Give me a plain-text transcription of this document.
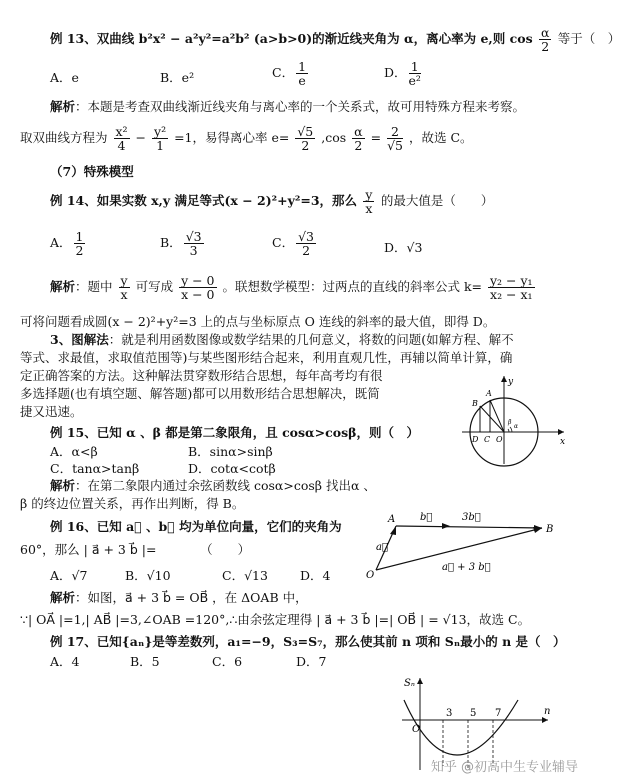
例 13、双曲线 b²x² − a²y²=a²b² (a>b>0)的渐近线夹角为 α，离心率为 e,则 $\cos \frac{\alpha}{2}$ 等于（　）
A．e	B．e²	C． $\frac{1}{e}$	D． $\frac{1}{\text{e²}}$
解析：本题是考查双曲线渐近线夹角与离心率的一个关系式，故可用特殊方程来考察。
取双曲线方程为 $\frac{\text{x²}}{4} - \frac{\text{y²}}{1} =1$，易得离心率 $e= \frac{√5}{2} ,\cos \frac{\alpha}{2} = \frac{2}{√5}$ ，故选 C。
（7）特殊模型
例 14、如果实数 x,y 满足等式(x − 2)²+y²=3，那么 $\frac{y}{x}$ 的最大值是（　　）
A． $\frac{1}{2}$	B． $\frac{√3}{3}$	C． $\frac{√3}{2}$	D．√3
解析：题中 $\frac{y}{x}$ 可写成 $\frac{y - 0}{x - 0}$ 。联想数学模型：过两点的直线的斜率公式 $k= \frac{\text{y₂ − y₁}}{\text{x₂ − x₁}}$
可将问题看成圆(x − 2)²+y²=3 上的点与坐标原点 O 连线的斜率的最大值，即得 D。
3、图解法：就是利用函数图像或数学结果的几何意义，将数的问题(如解方程、解不
等式、求最值，求取值范围等)与某些图形结合起来，利用直观几性，再辅以简单计算，确
定正确答案的方法。这种解法贯穿数形结合思想，每年高考均有很
多选择题(也有填空题、解答题)都可以用数形结合思想解决，既简
捷又迅速。
y
x
A
B
D C O
α
β
例 15、已知 α 、β 都是第二象限角，且 cosα>cosβ，则（　）
A．α<β	B．sinα>sinβ
C．tanα>tanβ	D．cotα<cotβ
解析：在第二象限内通过余弦函数线 cosα>cosβ 找出α 、
β 的终边位置关系，再作出判断，得 B。
例 16、已知 a⃗ 、b⃗ 均为单位向量，它们的夹角为
60°，那么 | a⃗ + 3 b⃗ |=　　　　（　　）
A．√7	B．√10	C．√13	D．4
A b⃗	3b⃗
B
a⃗
O
a⃗ + 3 b⃗
解析：如图，a⃗ + 3 b⃗ = OB⃗ ，在 ΔOAB 中，
∵| OA⃗ |=1,| AB⃗ |=3,∠OAB =120°,∴由余弦定理得 | a⃗ + 3 b⃗ |=| OB⃗ | = √13，故选 C。
例 17、已知{aₙ}是等差数列，a₁=−9，S₃=S₇，那么使其前 n 项和 Sₙ最小的 n 是（　）
A．4	B．5	C．6	D．7
Sₙ
O
3 5 7	n
知乎 @初高中生专业辅导
